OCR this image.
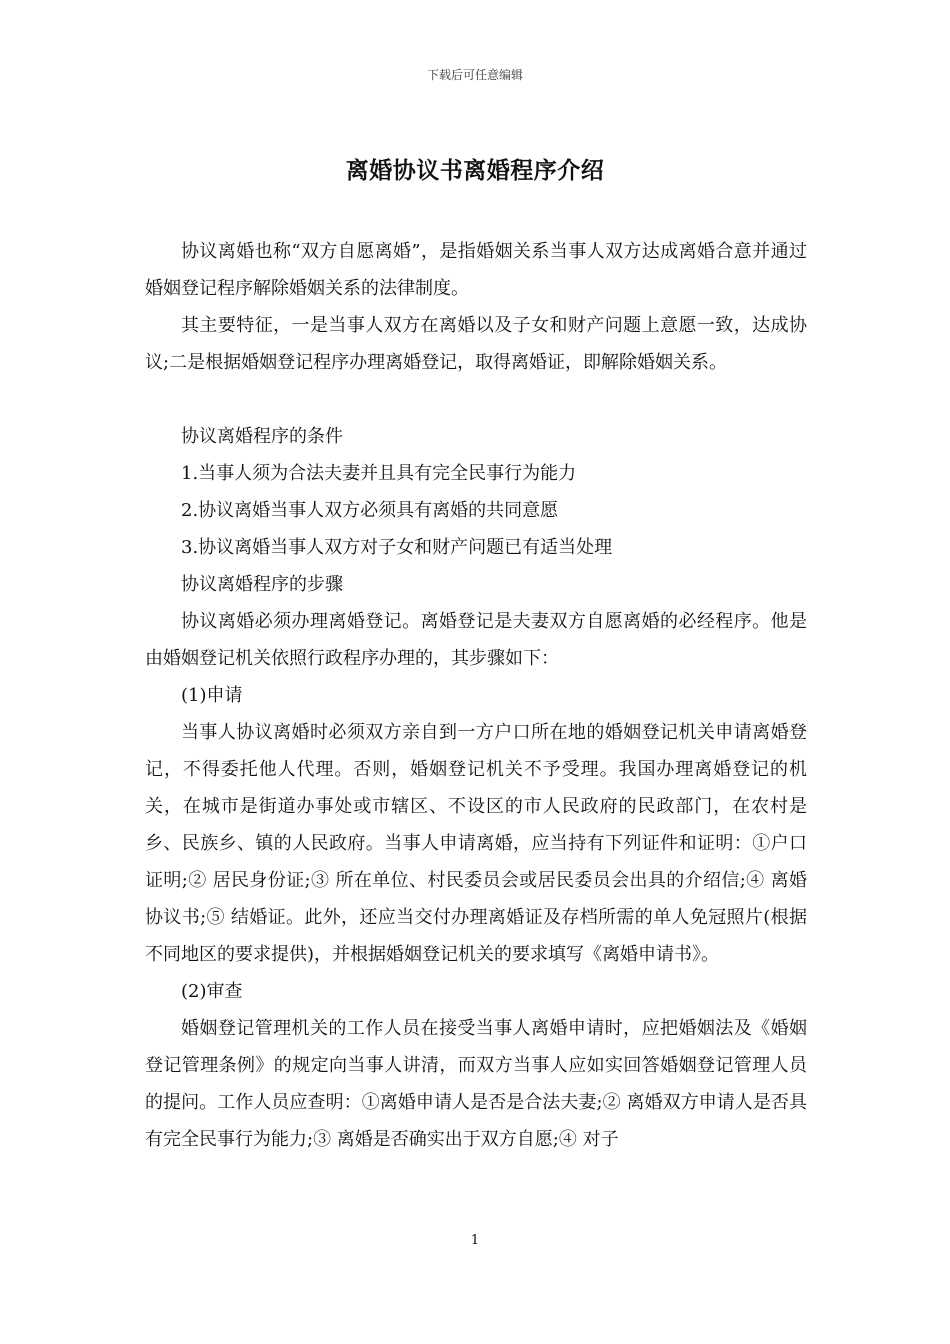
下载后可任意编辑
离婚协议书离婚程序介绍

协议离婚也称“双方自愿离婚”，是指婚姻关系当事人双方达成离婚合意并通过婚姻登记程序解除婚姻关系的法律制度。

其主要特征，一是当事人双方在离婚以及子女和财产问题上意愿一致，达成协议;二是根据婚姻登记程序办理离婚登记，取得离婚证，即解除婚姻关系。

协议离婚程序的条件

1.当事人须为合法夫妻并且具有完全民事行为能力

2.协议离婚当事人双方必须具有离婚的共同意愿

3.协议离婚当事人双方对子女和财产问题已有适当处理

协议离婚程序的步骤

协议离婚必须办理离婚登记。离婚登记是夫妻双方自愿离婚的必经程序。他是由婚姻登记机关依照行政程序办理的，其步骤如下：

(1)申请

当事人协议离婚时必须双方亲自到一方户口所在地的婚姻登记机关申请离婚登记，不得委托他人代理。否则，婚姻登记机关不予受理。我国办理离婚登记的机关，在城市是街道办事处或市辖区、不设区的市人民政府的民政部门，在农村是乡、民族乡、镇的人民政府。当事人申请离婚，应当持有下列证件和证明：①户口证明;② 居民身份证;③ 所在单位、村民委员会或居民委员会出具的介绍信;④ 离婚协议书;⑤ 结婚证。此外，还应当交付办理离婚证及存档所需的单人免冠照片(根据不同地区的要求提供)，并根据婚姻登记机关的要求填写《离婚申请书》。

(2)审查

婚姻登记管理机关的工作人员在接受当事人离婚申请时，应把婚姻法及《婚姻登记管理条例》的规定向当事人讲清，而双方当事人应如实回答婚姻登记管理人员的提问。工作人员应查明：①离婚申请人是否是合法夫妻;② 离婚双方申请人是否具有完全民事行为能力;③ 离婚是否确实出于双方自愿;④ 对子

1
